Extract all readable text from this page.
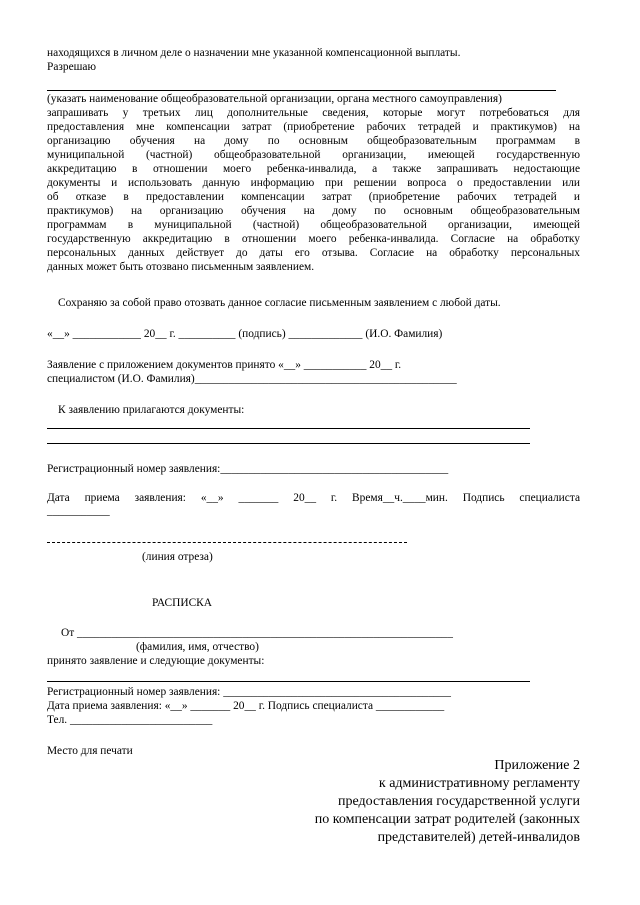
находящихся в личном деле о назначении мне указанной компенсационной выплаты.
Разрешаю
(указать наименование общеобразовательной организации, органа местного самоуправления)
запрашивать у третьих лиц дополнительные сведения, которые могут потребоваться для
предоставления мне компенсации затрат (приобретение рабочих тетрадей и практикумов) на
организацию обучения на дому по основным общеобразовательным программам в
муниципальной (частной) общеобразовательной организации, имеющей государственную
аккредитацию в отношении моего ребенка-инвалида, а также запрашивать недостающие
документы и использовать данную информацию при решении вопроса о предоставлении или
об отказе в предоставлении компенсации затрат (приобретение рабочих тетрадей и
практикумов) на организацию обучения на дому по основным общеобразовательным
программам в муниципальной (частной) общеобразовательной организации, имеющей
государственную аккредитацию в отношении моего ребенка-инвалида. Согласие на обработку
персональных данных действует до даты его отзыва. Согласие на обработку персональных
данных может быть отозвано письменным заявлением.
Сохраняю за собой право отозвать данное согласие письменным заявлением с любой даты.
«__» ____________ 20__ г. __________ (подпись) _____________ (И.О. Фамилия)
Заявление с приложением документов принято «__» ___________ 20__ г.
специалистом (И.О. Фамилия)______________________________________________
К заявлению прилагаются документы:
Регистрационный номер заявления:________________________________________
Дата приема заявления: «__» _______ 20__ г. Время__ч.____мин. Подпись специалиста
___________
(линия отреза)
РАСПИСКА
От __________________________________________________________________
(фамилия, имя, отчество)
принято заявление и следующие документы:
Регистрационный номер заявления: ________________________________________
Дата приема заявления: «__» _______ 20__ г. Подпись специалиста ____________
Тел. _________________________
Место для печати
Приложение 2
к административному регламенту
предоставления государственной услуги
по компенсации затрат родителей (законных
представителей) детей-инвалидов
